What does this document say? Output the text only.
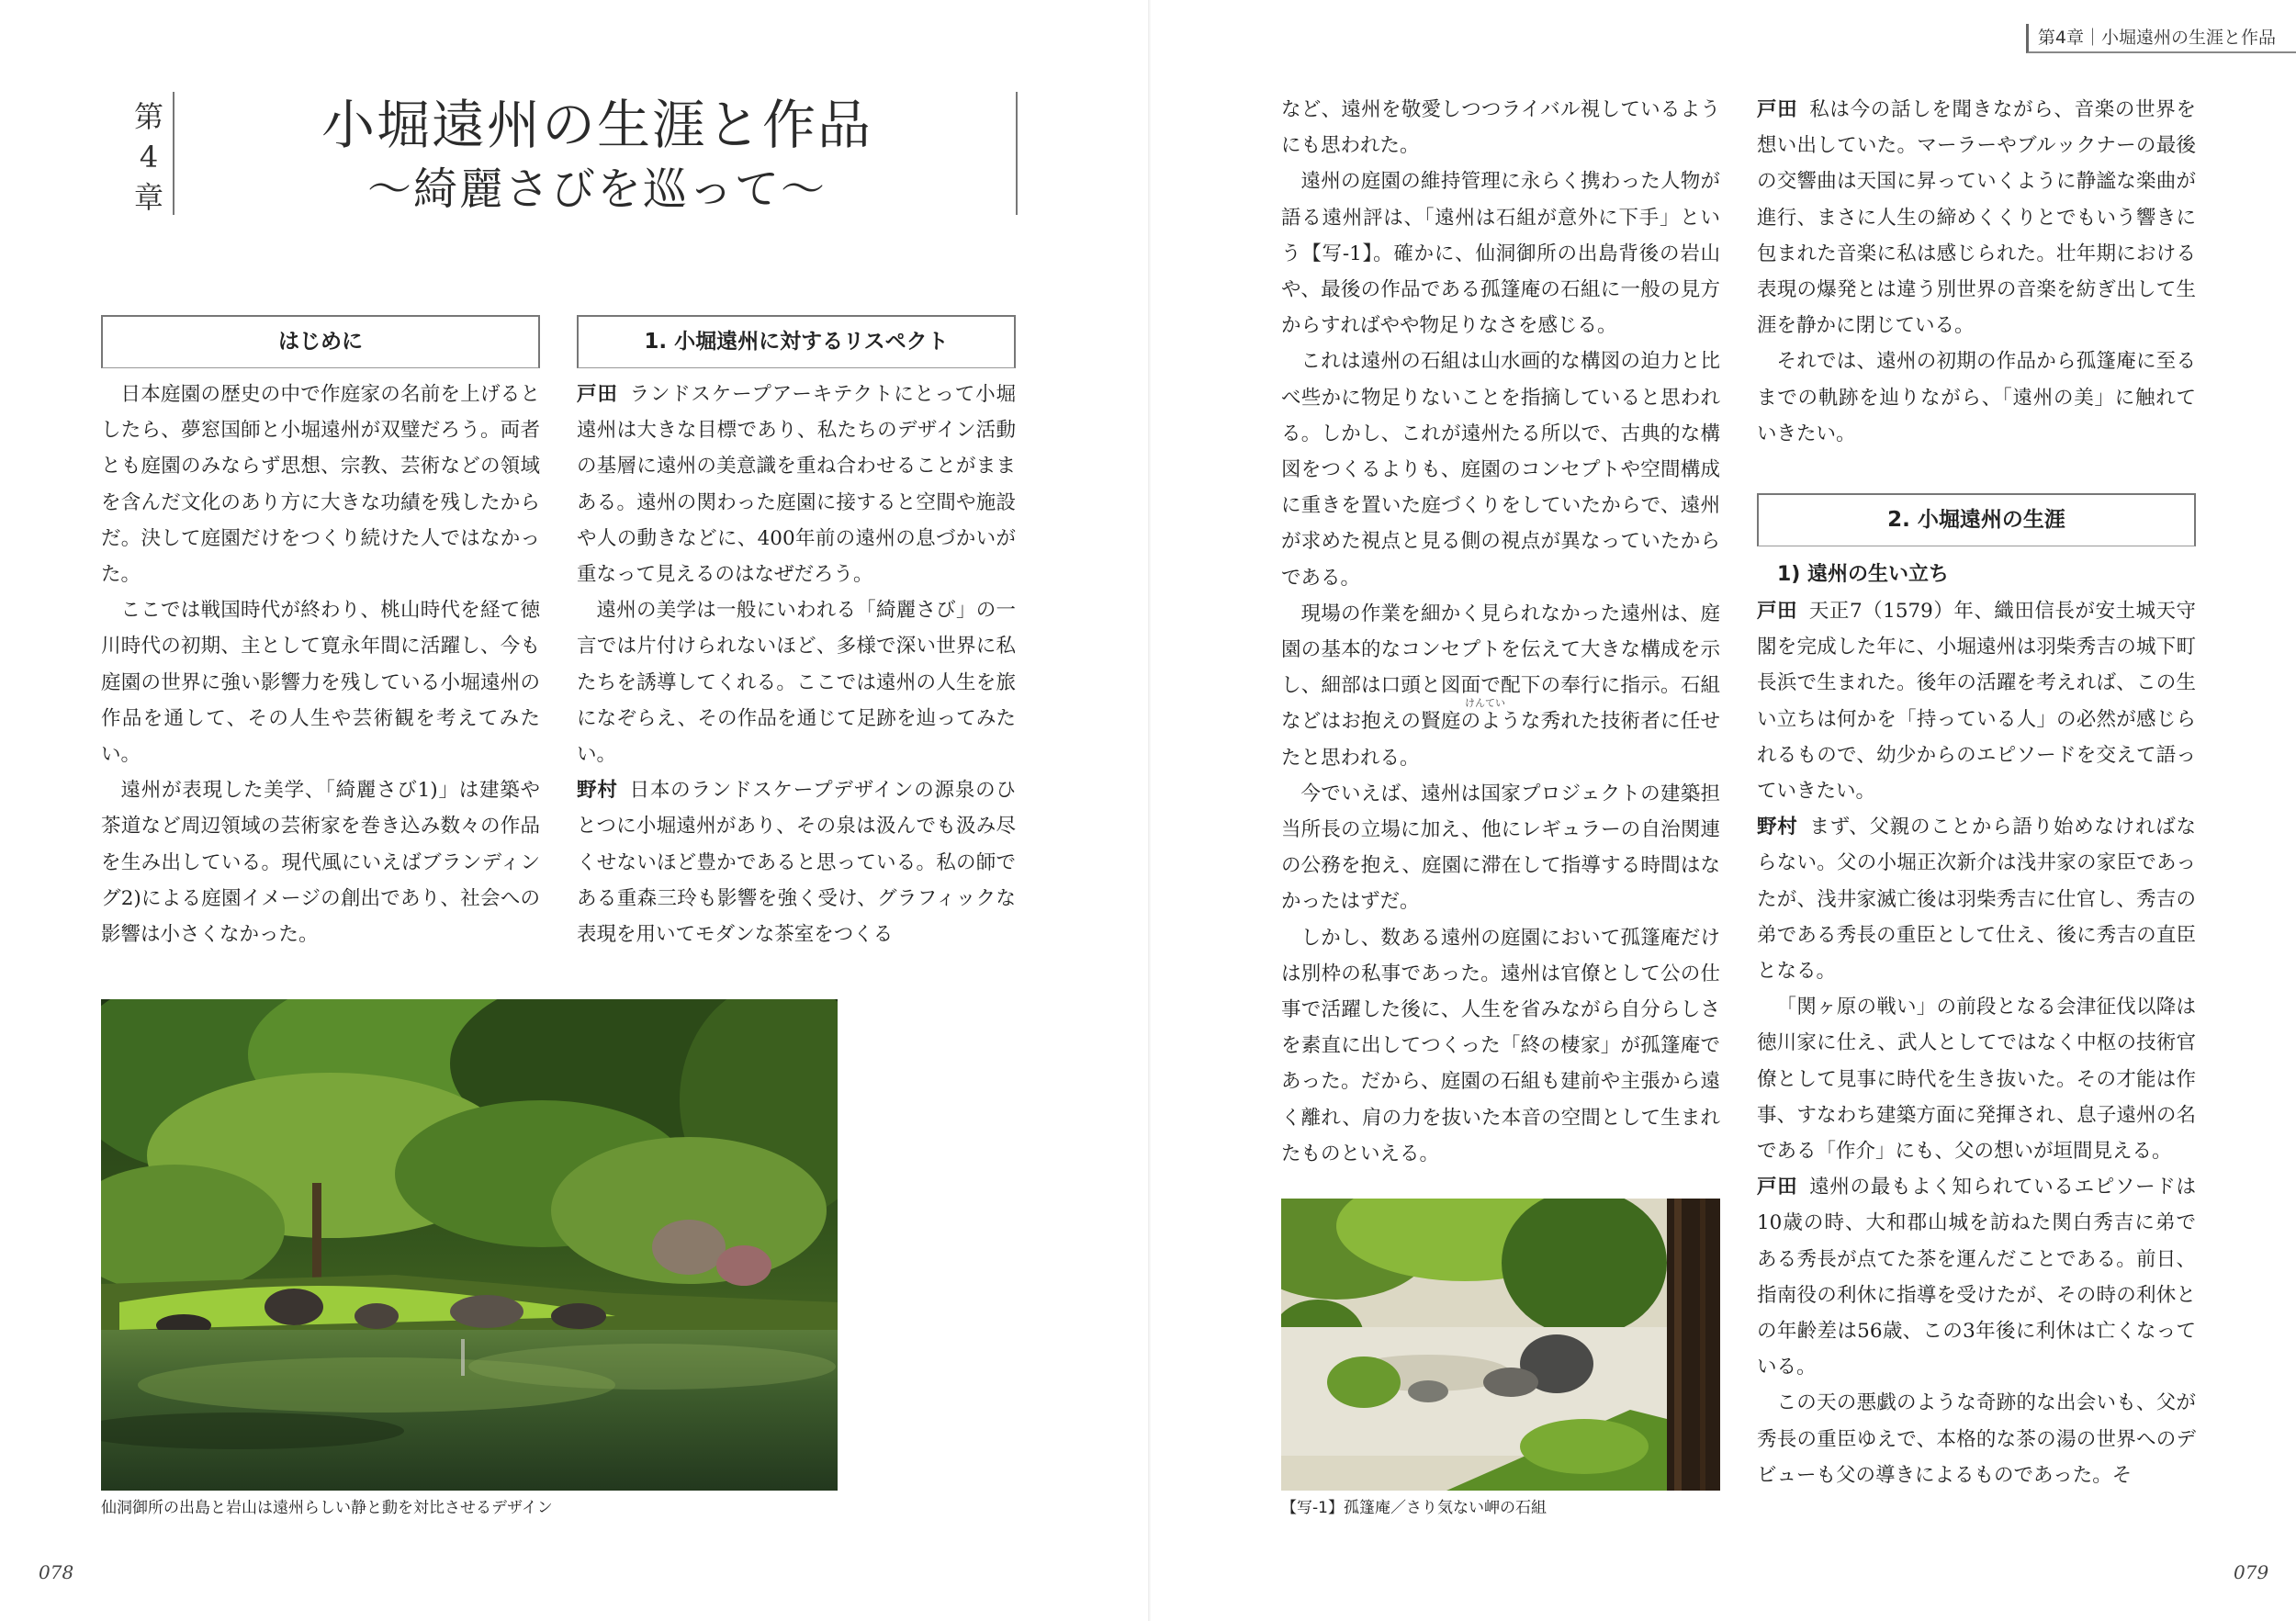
第4章｜小堀遠州の生涯と作品
第
4
章
小堀遠州の生涯と作品
〜綺麗さびを巡って〜
はじめに

日本庭園の歴史の中で作庭家の名前を上げるとしたら、夢窓国師と小堀遠州が双璧だろう。両者とも庭園のみならず思想、宗教、芸術などの領域を含んだ文化のあり方に大きな功績を残したからだ。決して庭園だけをつくり続けた人ではなかった。

ここでは戦国時代が終わり、桃山時代を経て徳川時代の初期、主として寛永年間に活躍し、今も庭園の世界に強い影響力を残している小堀遠州の作品を通して、その人生や芸術観を考えてみたい。

遠州が表現した美学、「綺麗さび1)」は建築や茶道など周辺領域の芸術家を巻き込み数々の作品を生み出している。現代風にいえばブランディング2)による庭園イメージの創出であり、社会への影響は小さくなかった。

1. 小堀遠州に対するリスペクト

戸田 ランドスケープアーキテクトにとって小堀遠州は大きな目標であり、私たちのデザイン活動の基層に遠州の美意識を重ね合わせることがままある。遠州の関わった庭園に接すると空間や施設や人の動きなどに、400年前の遠州の息づかいが重なって見えるのはなぜだろう。

遠州の美学は一般にいわれる「綺麗さび」の一言では片付けられないほど、多様で深い世界に私たちを誘導してくれる。ここでは遠州の人生を旅になぞらえ、その作品を通じて足跡を辿ってみたい。

野村 日本のランドスケープデザインの源泉のひとつに小堀遠州があり、その泉は汲んでも汲み尽くせないほど豊かであると思っている。私の師である重森三玲も影響を強く受け、グラフィックな表現を用いてモダンな茶室をつくる

仙洞御所の出島と岩山は遠州らしい静と動を対比させるデザイン
078

など、遠州を敬愛しつつライバル視しているようにも思われた。

遠州の庭園の維持管理に永らく携わった人物が語る遠州評は、「遠州は石組が意外に下手」という【写-1】。確かに、仙洞御所の出島背後の岩山や、最後の作品である孤篷庵の石組に一般の見方からすればやや物足りなさを感じる。

これは遠州の石組は山水画的な構図の迫力と比べ些かに物足りないことを指摘していると思われる。しかし、これが遠州たる所以で、古典的な構図をつくるよりも、庭園のコンセプトや空間構成に重きを置いた庭づくりをしていたからで、遠州が求めた視点と見る側の視点が異なっていたからである。

現場の作業を細かく見られなかった遠州は、庭園の基本的なコンセプトを伝えて大きな構成を示し、細部は口頭と図面で配下の奉行に指示。石組などはお抱えの賢庭のような秀れた技術者に任せたと思われる。

今でいえば、遠州は国家プロジェクトの建築担当所長の立場に加え、他にレギュラーの自治関連の公務を抱え、庭園に滞在して指導する時間はなかったはずだ。

しかし、数ある遠州の庭園において孤篷庵だけは別枠の私事であった。遠州は官僚として公の仕事で活躍した後に、人生を省みながら自分らしさを素直に出してつくった「終の棲家」が孤篷庵であった。だから、庭園の石組も建前や主張から遠く離れ、肩の力を抜いた本音の空間として生まれたものといえる。

けんてい
【写-1】孤篷庵／さり気ない岬の石組

戸田 私は今の話しを聞きながら、音楽の世界を想い出していた。マーラーやブルックナーの最後の交響曲は天国に昇っていくように静謐な楽曲が進行、まさに人生の締めくくりとでもいう響きに包まれた音楽に私は感じられた。壮年期における表現の爆発とは違う別世界の音楽を紡ぎ出して生涯を静かに閉じている。

それでは、遠州の初期の作品から孤篷庵に至るまでの軌跡を辿りながら、「遠州の美」に触れていきたい。

2. 小堀遠州の生涯

1) 遠州の生い立ち

戸田 天正7（1579）年、織田信長が安土城天守閣を完成した年に、小堀遠州は羽柴秀吉の城下町長浜で生まれた。後年の活躍を考えれば、この生い立ちは何かを「持っている人」の必然が感じられるもので、幼少からのエピソードを交えて語っていきたい。

野村 まず、父親のことから語り始めなければならない。父の小堀正次新介は浅井家の家臣であったが、浅井家滅亡後は羽柴秀吉に仕官し、秀吉の弟である秀長の重臣として仕え、後に秀吉の直臣となる。

「関ヶ原の戦い」の前段となる会津征伐以降は徳川家に仕え、武人としてではなく中枢の技術官僚として見事に時代を生き抜いた。その才能は作事、すなわち建築方面に発揮され、息子遠州の名である「作介」にも、父の想いが垣間見える。

戸田 遠州の最もよく知られているエピソードは10歳の時、大和郡山城を訪ねた関白秀吉に弟である秀長が点てた茶を運んだことである。前日、指南役の利休に指導を受けたが、その時の利休との年齢差は56歳、この3年後に利休は亡くなっている。

この天の悪戯のような奇跡的な出会いも、父が秀長の重臣ゆえで、本格的な茶の湯の世界へのデビューも父の導きによるものであった。そ

079
